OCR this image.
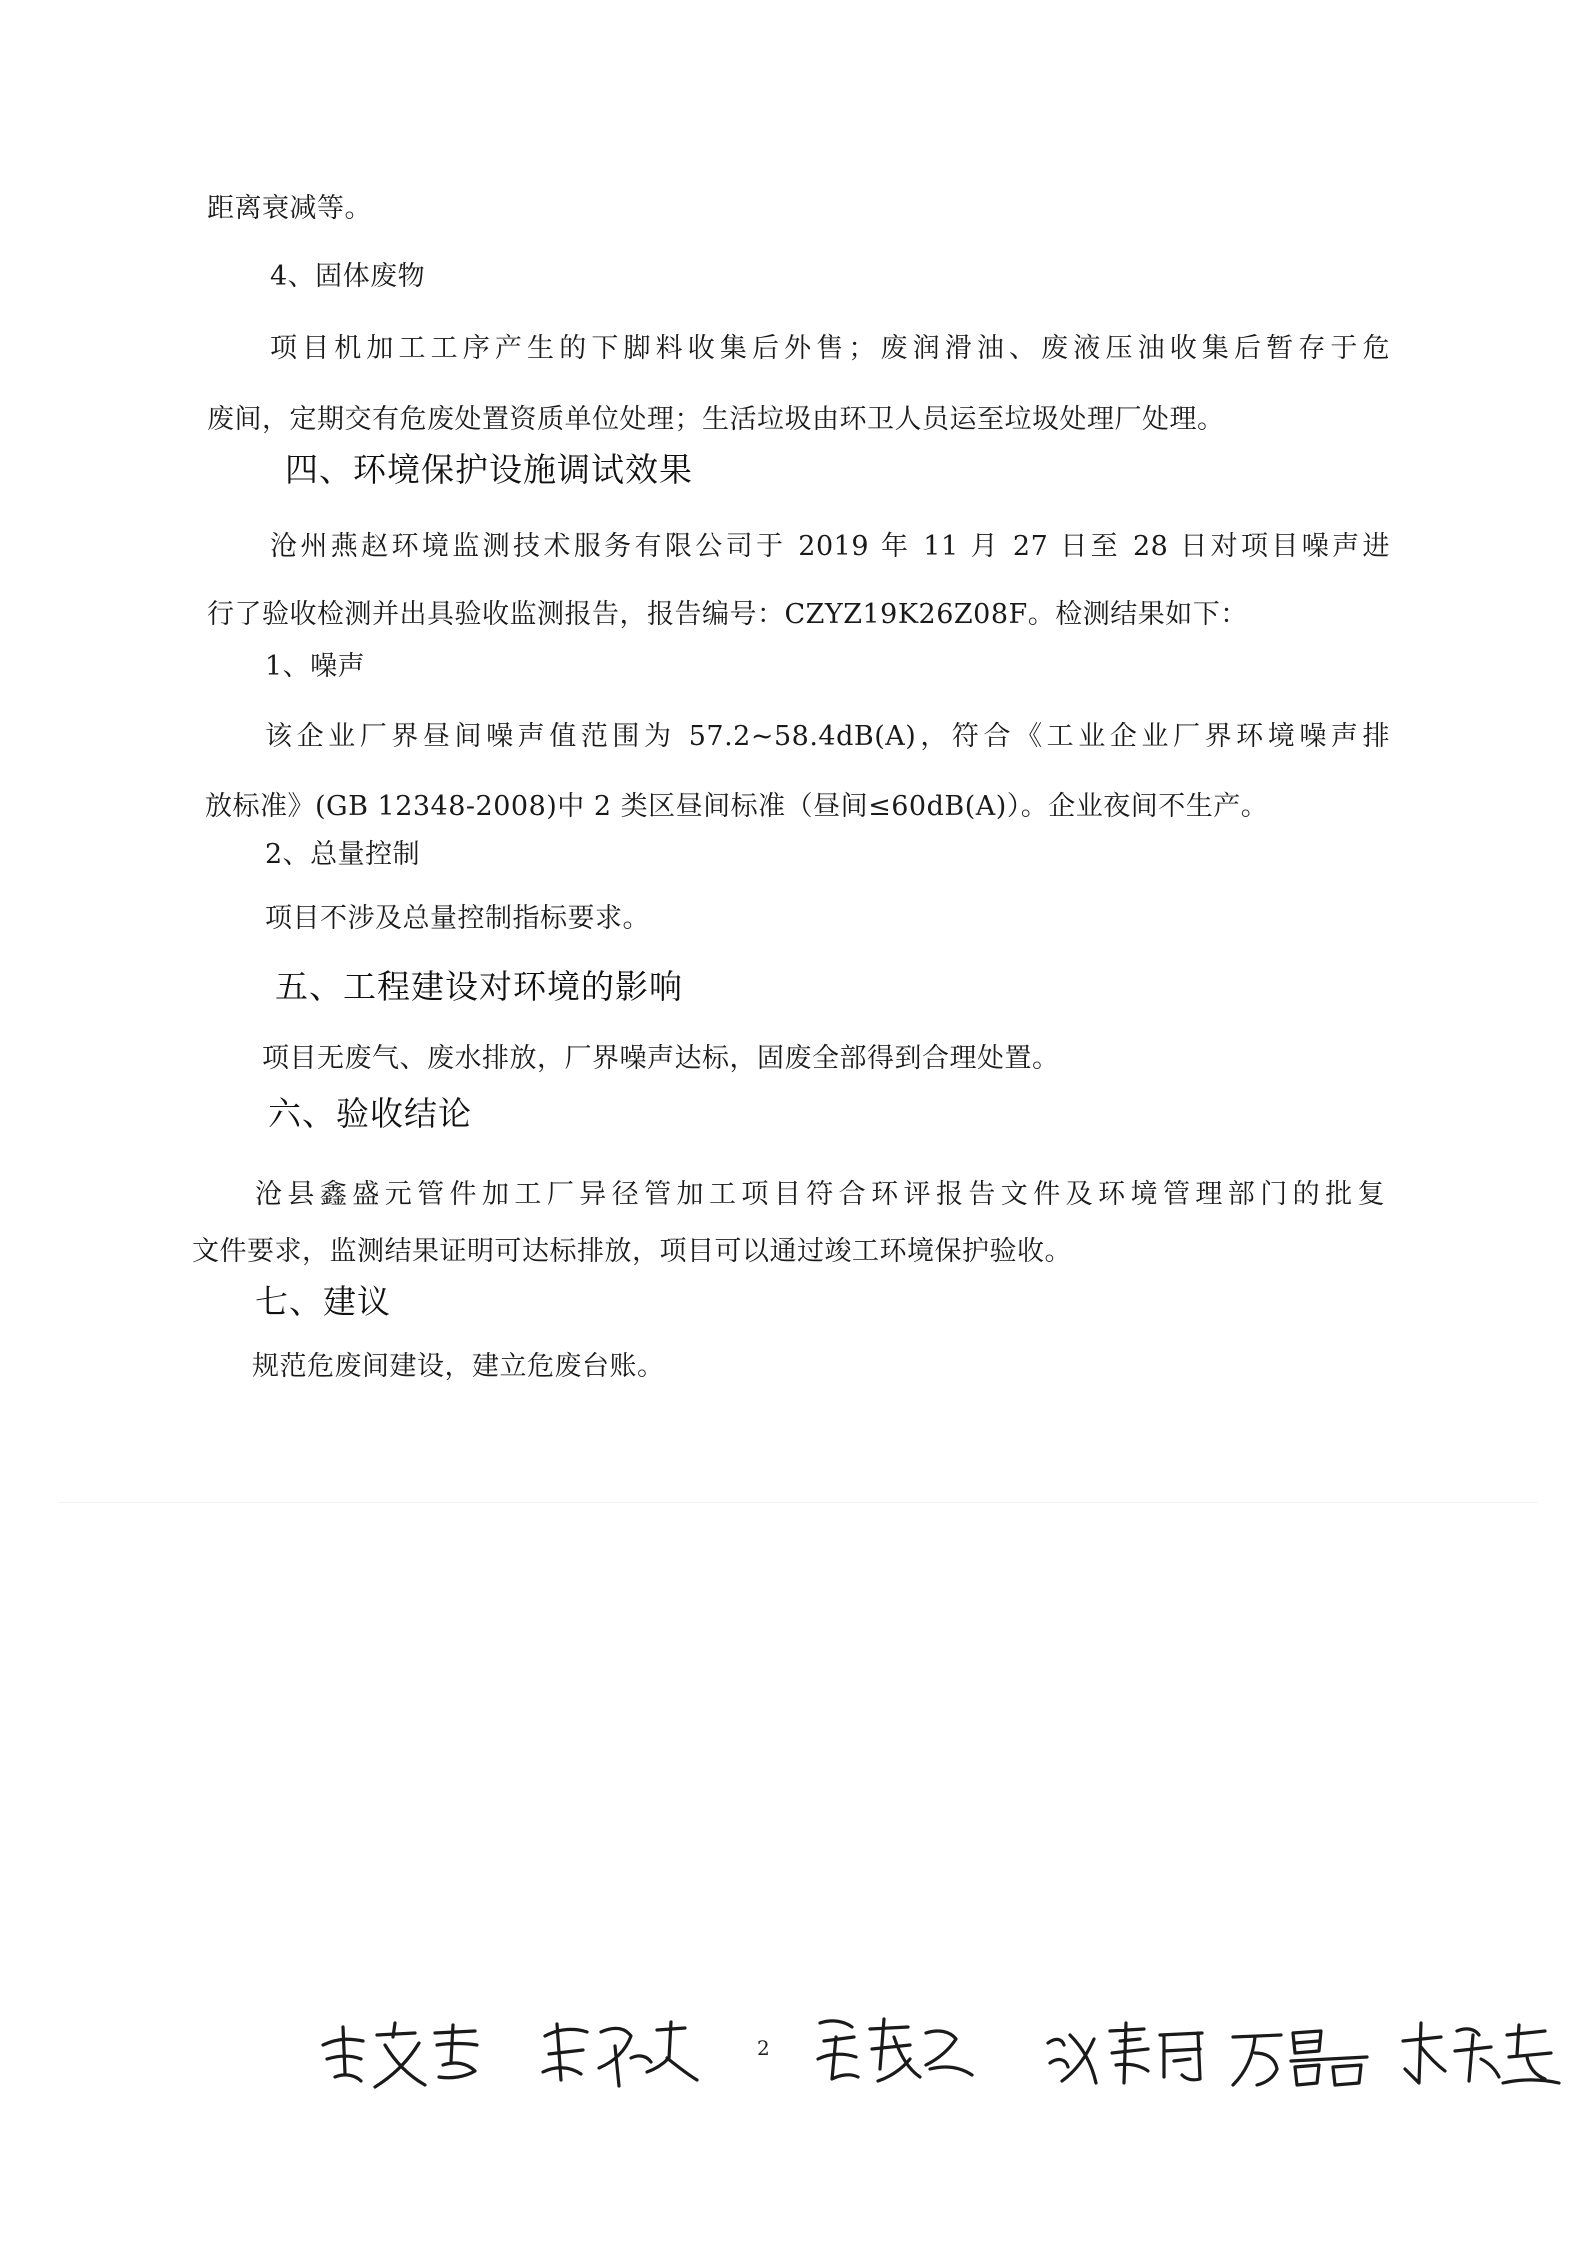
距离衰减等。
4、固体废物
项目机加工工序产生的下脚料收集后外售；废润滑油、废液压油收集后暂存于危
废间，定期交有危废处置资质单位处理；生活垃圾由环卫人员运至垃圾处理厂处理。
四、环境保护设施调试效果
沧州燕赵环境监测技术服务有限公司于 2019 年 11 月 27 日至 28 日对项目噪声进
行了验收检测并出具验收监测报告，报告编号：CZYZ19K26Z08F。检测结果如下：
1、噪声
该企业厂界昼间噪声值范围为 57.2~58.4dB(A)，符合《工业企业厂界环境噪声排
放标准》(GB 12348-2008)中 2 类区昼间标准（昼间≤60dB(A)）。企业夜间不生产。
2、总量控制
项目不涉及总量控制指标要求。
五、工程建设对环境的影响
项目无废气、废水排放，厂界噪声达标，固废全部得到合理处置。
六、验收结论
沧县鑫盛元管件加工厂异径管加工项目符合环评报告文件及环境管理部门的批复
文件要求，监测结果证明可达标排放，项目可以通过竣工环境保护验收。
七、建议
规范危废间建设，建立危废台账。
2
